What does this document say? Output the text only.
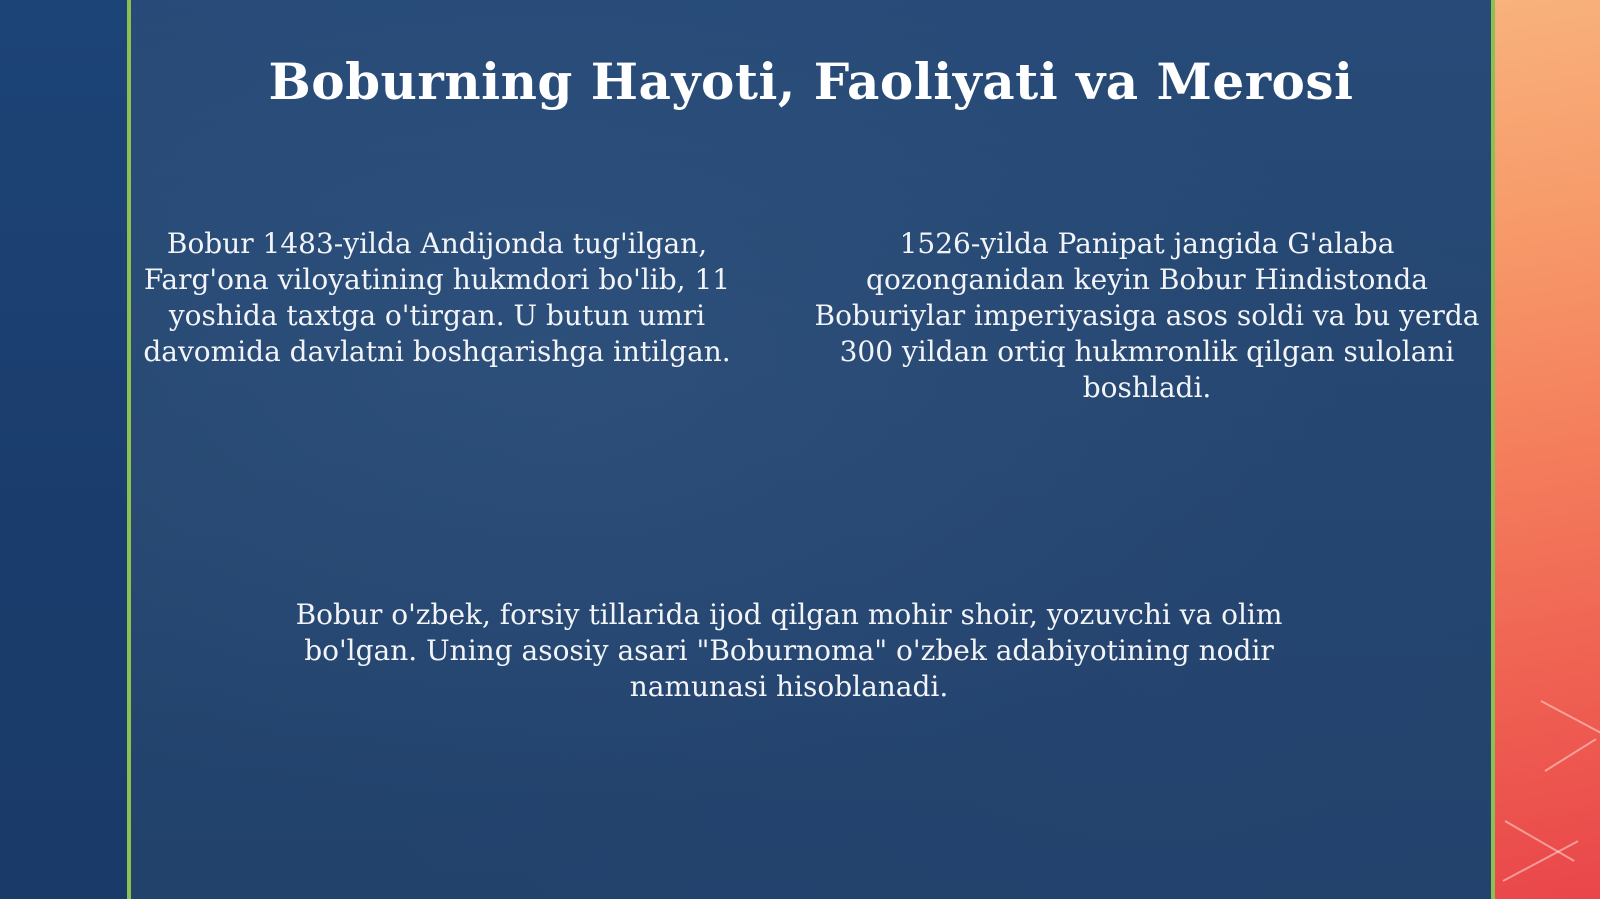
Boburning Hayoti, Faoliyati va Merosi

Bobur 1483-yilda Andijonda tug'ilgan, Farg'ona viloyatining hukmdori bo'lib, 11 yoshida taxtga o'tirgan. U butun umri davomida davlatni boshqarishga intilgan.

1526-yilda Panipat jangida G'alaba qozonganidan keyin Bobur Hindistonda Boburiylar imperiyasiga asos soldi va bu yerda 300 yildan ortiq hukmronlik qilgan sulolani boshladi.

Bobur o'zbek, forsiy tillarida ijod qilgan mohir shoir, yozuvchi va olim bo'lgan. Uning asosiy asari "Boburnoma" o'zbek adabiyotining nodir namunasi hisoblanadi.
